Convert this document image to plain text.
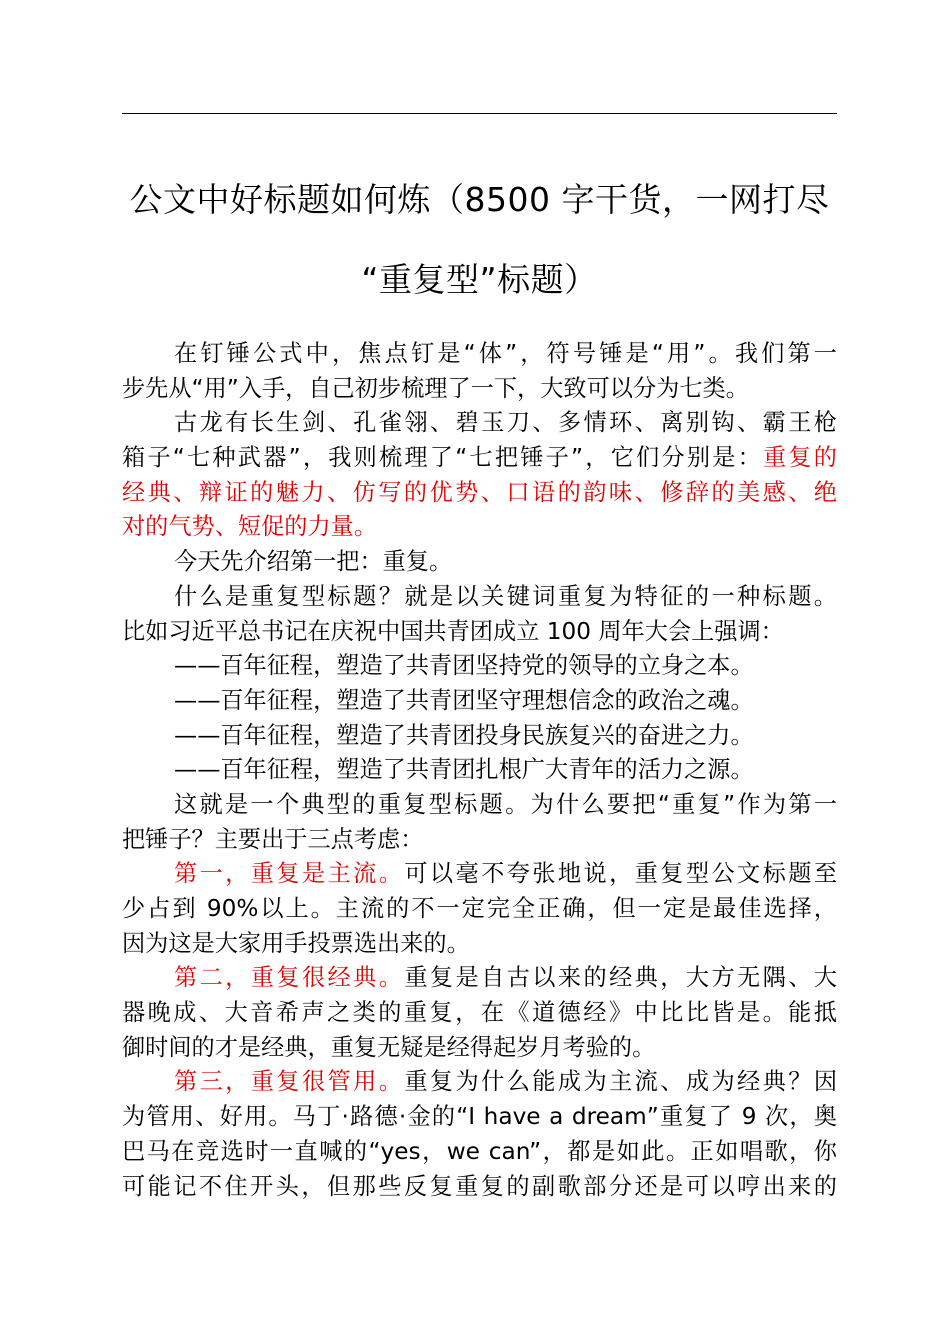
公文中好标题如何炼（8500 字干货，一网打尽
“重复型”标题）
在钉锤公式中，焦点钉是“体”，符号锤是“用”。我们第一
步先从“用”入手，自己初步梳理了一下，大致可以分为七类。
古龙有长生剑、孔雀翎、碧玉刀、多情环、离别钩、霸王枪
箱子“七种武器”，我则梳理了“七把锤子”，它们分别是：重复的
经典、辩证的魅力、仿写的优势、口语的韵味、修辞的美感、绝
对的气势、短促的力量。
今天先介绍第一把：重复。
什么是重复型标题？就是以关键词重复为特征的一种标题。
比如习近平总书记在庆祝中国共青团成立 100 周年大会上强调：
——百年征程，塑造了共青团坚持党的领导的立身之本。
——百年征程，塑造了共青团坚守理想信念的政治之魂。
——百年征程，塑造了共青团投身民族复兴的奋进之力。
——百年征程，塑造了共青团扎根广大青年的活力之源。
这就是一个典型的重复型标题。为什么要把“重复”作为第一
把锤子？主要出于三点考虑：
第一，重复是主流。可以毫不夸张地说，重复型公文标题至
少占到 90%以上。主流的不一定完全正确，但一定是最佳选择，
因为这是大家用手投票选出来的。
第二，重复很经典。重复是自古以来的经典，大方无隅、大
器晚成、大音希声之类的重复，在《道德经》中比比皆是。能抵
御时间的才是经典，重复无疑是经得起岁月考验的。
第三，重复很管用。重复为什么能成为主流、成为经典？因
为管用、好用。马丁·路德·金的“I have a dream”重复了 9 次，奥
巴马在竞选时一直喊的“yes，we can”，都是如此。正如唱歌，你
可能记不住开头，但那些反复重复的副歌部分还是可以哼出来的
